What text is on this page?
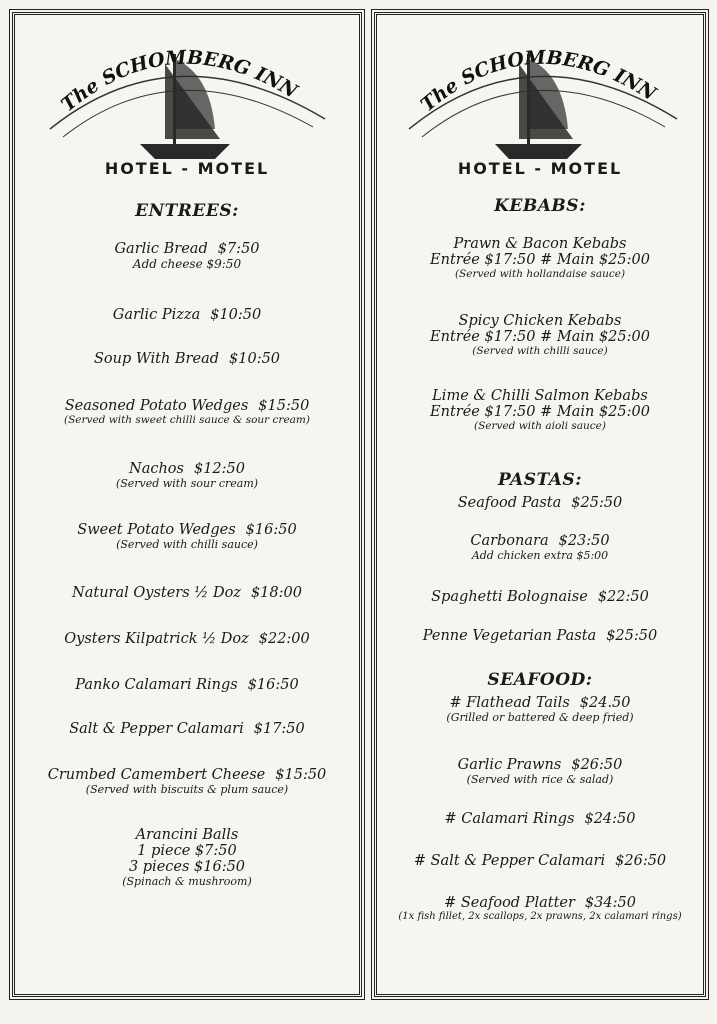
The SCHOMBERG INN
HOTEL - MOTEL
ENTREES:
Garlic Bread $7:50
Add cheese $9:50
Garlic Pizza $10:50
Soup With Bread $10:50
Seasoned Potato Wedges $15:50
(Served with sweet chilli sauce & sour cream)
Nachos $12:50
(Served with sour cream)
Sweet Potato Wedges $16:50
(Served with chilli sauce)
Natural Oysters ½ Doz $18:00
Oysters Kilpatrick ½ Doz $22:00
Panko Calamari Rings $16:50
Salt & Pepper Calamari $17:50
Crumbed Camembert Cheese $15:50
(Served with biscuits & plum sauce)
Arancini Balls
1 piece $7:50
3 pieces $16:50
(Spinach & mushroom)
The SCHOMBERG INN
HOTEL - MOTEL
KEBABS:
Prawn & Bacon Kebabs
Entrée $17:50 # Main $25:00
(Served with hollandaise sauce)
Spicy Chicken Kebabs
Entrée $17:50 # Main $25:00
(Served with chilli sauce)
Lime & Chilli Salmon Kebabs
Entrée $17:50 # Main $25:00
(Served with aioli sauce)
PASTAS:
Seafood Pasta $25:50
Carbonara $23:50
Add chicken extra $5:00
Spaghetti Bolognaise $22:50
Penne Vegetarian Pasta $25:50
SEAFOOD:
# Flathead Tails $24.50
(Grilled or battered & deep fried)
Garlic Prawns $26:50
(Served with rice & salad)
# Calamari Rings $24:50
# Salt & Pepper Calamari $26:50
# Seafood Platter $34:50
(1x fish fillet, 2x scallops, 2x prawns, 2x calamari rings)
